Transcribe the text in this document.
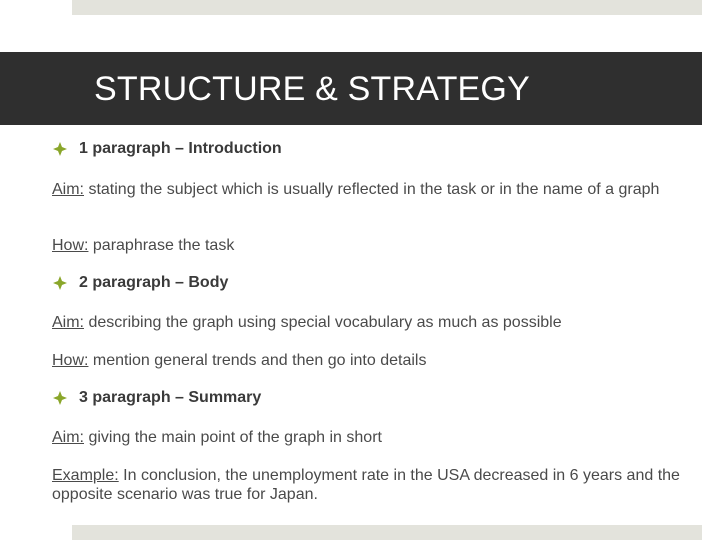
STRUCTURE & STRATEGY
1 paragraph – Introduction
Aim: stating the subject which is usually reflected in the task or in the name of a graph
How: paraphrase the task
2 paragraph – Body
Aim: describing the graph using special vocabulary as much as possible
How: mention general trends and then go into details
3 paragraph – Summary
Aim: giving the main point of the graph in short
Example: In conclusion, the unemployment rate in the USA decreased in 6 years and the opposite scenario was true for Japan.
